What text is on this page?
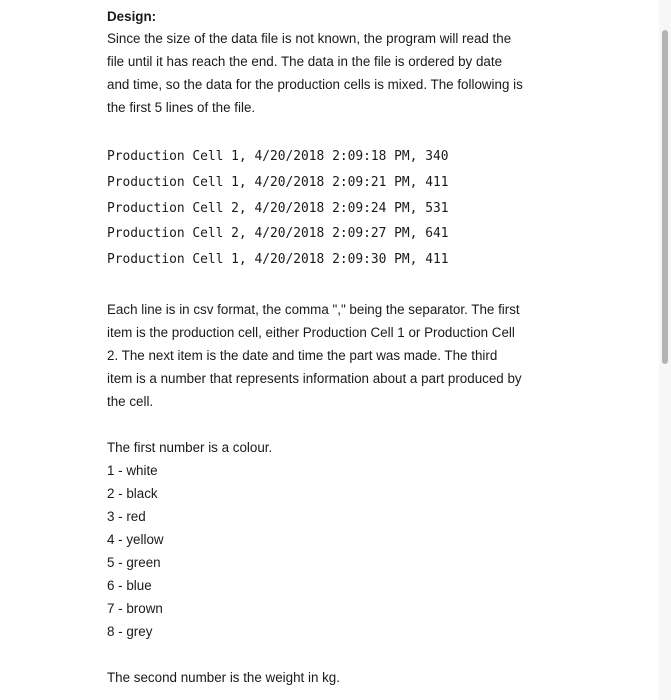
Design:

Since the size of the data file is not known, the program will read the
file until it has reach the end. The data in the file is ordered by date
and time, so the data for the production cells is mixed. The following is
the first 5 lines of the file.

Production Cell 1, 4/20/2018 2:09:18 PM, 340
Production Cell 1, 4/20/2018 2:09:21 PM, 411
Production Cell 2, 4/20/2018 2:09:24 PM, 531
Production Cell 2, 4/20/2018 2:09:27 PM, 641
Production Cell 1, 4/20/2018 2:09:30 PM, 411

Each line is in csv format, the comma "," being the separator. The first
item is the production cell, either Production Cell 1 or Production Cell
2. The next item is the date and time the part was made. The third
item is a number that represents information about a part produced by
the cell.

The first number is a colour.
1 - white
2 - black
3 - red
4 - yellow
5 - green
6 - blue
7 - brown
8 - grey

The second number is the weight in kg.
